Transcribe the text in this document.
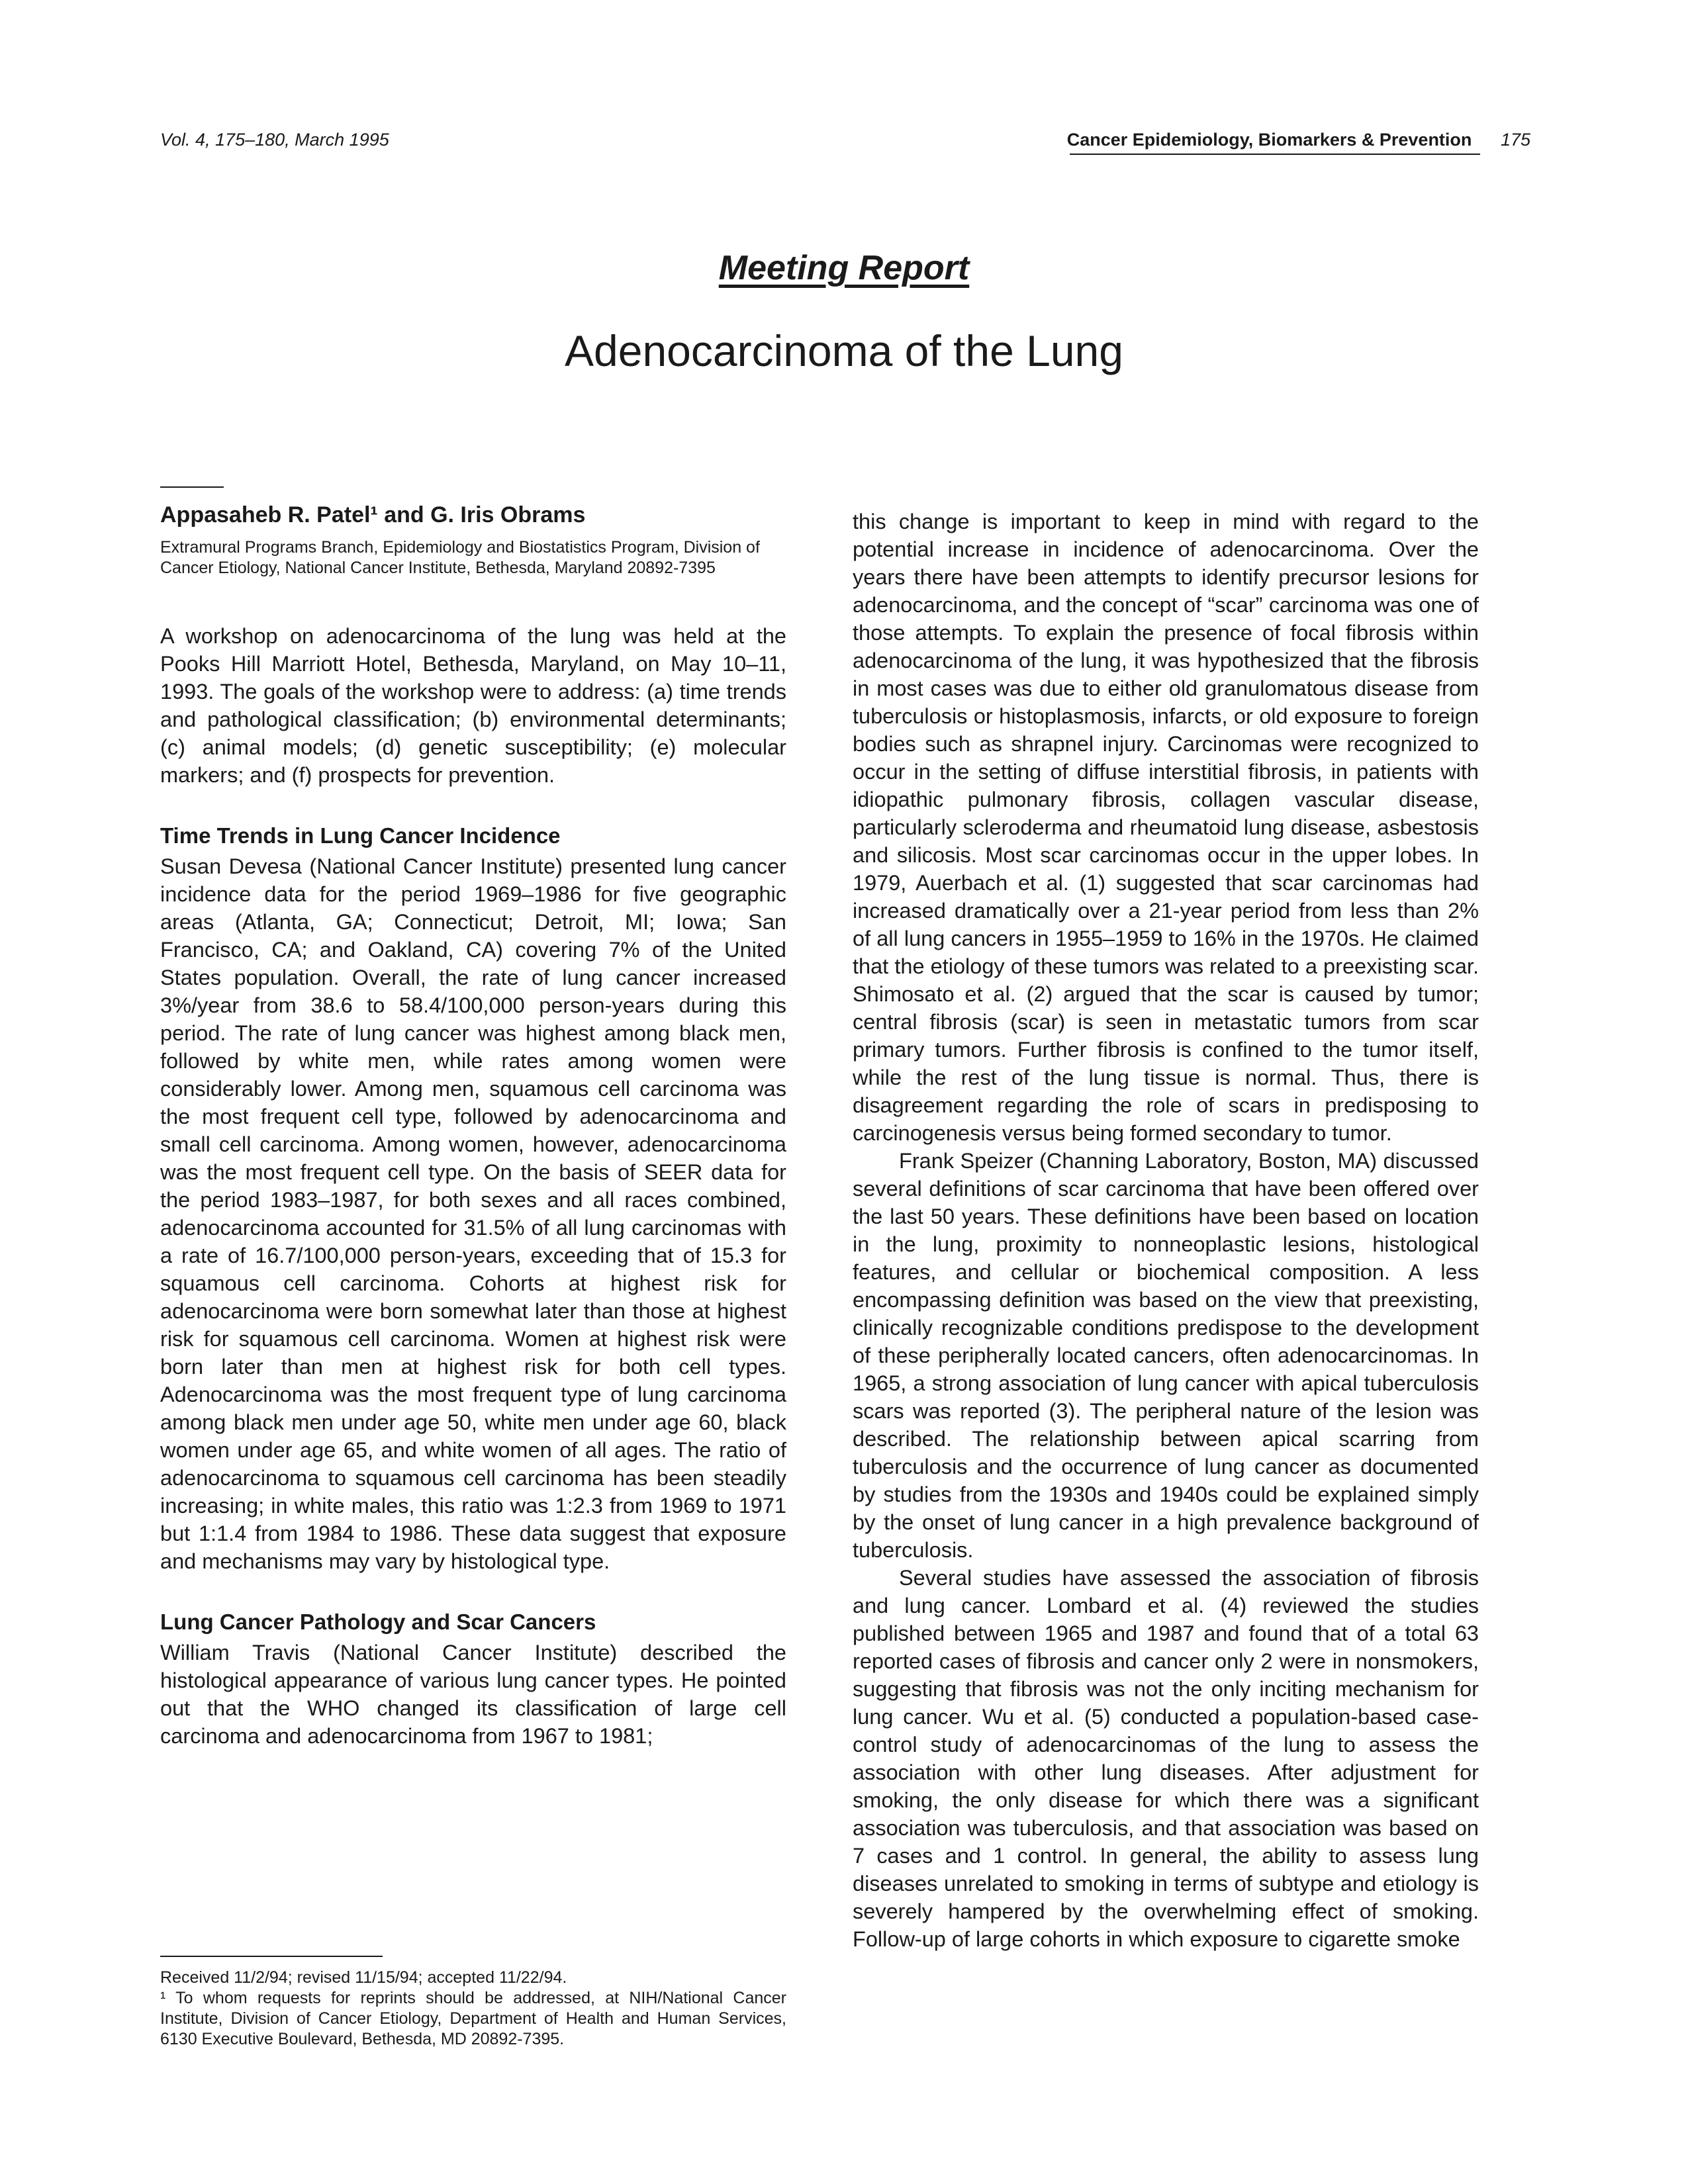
Vol. 4, 175–180, March 1995	Cancer Epidemiology, Biomarkers & Prevention 175
Meeting Report
Adenocarcinoma of the Lung

Appasaheb R. Patel¹ and G. Iris Obrams

Extramural Programs Branch, Epidemiology and Biostatistics Program, Division of Cancer Etiology, National Cancer Institute, Bethesda, Maryland 20892-7395

A workshop on adenocarcinoma of the lung was held at the Pooks Hill Marriott Hotel, Bethesda, Maryland, on May 10–11, 1993. The goals of the workshop were to address: (a) time trends and pathological classification; (b) environmental determinants; (c) animal models; (d) genetic susceptibility; (e) molecular markers; and (f) prospects for prevention.

Time Trends in Lung Cancer Incidence

Susan Devesa (National Cancer Institute) presented lung cancer incidence data for the period 1969–1986 for five geographic areas (Atlanta, GA; Connecticut; Detroit, MI; Iowa; San Francisco, CA; and Oakland, CA) covering 7% of the United States population. Overall, the rate of lung cancer increased 3%/year from 38.6 to 58.4/100,000 person-years during this period. The rate of lung cancer was highest among black men, followed by white men, while rates among women were considerably lower. Among men, squamous cell carcinoma was the most frequent cell type, followed by adenocarcinoma and small cell carcinoma. Among women, however, adenocarcinoma was the most frequent cell type. On the basis of SEER data for the period 1983–1987, for both sexes and all races combined, adenocarcinoma accounted for 31.5% of all lung carcinomas with a rate of 16.7/100,000 person-years, exceeding that of 15.3 for squamous cell carcinoma. Cohorts at highest risk for adenocarcinoma were born somewhat later than those at highest risk for squamous cell carcinoma. Women at highest risk were born later than men at highest risk for both cell types. Adenocarcinoma was the most frequent type of lung carcinoma among black men under age 50, white men under age 60, black women under age 65, and white women of all ages. The ratio of adenocarcinoma to squamous cell carcinoma has been steadily increasing; in white males, this ratio was 1:2.3 from 1969 to 1971 but 1:1.4 from 1984 to 1986. These data suggest that exposure and mechanisms may vary by histological type.

Lung Cancer Pathology and Scar Cancers

William Travis (National Cancer Institute) described the histological appearance of various lung cancer types. He pointed out that the WHO changed its classification of large cell carcinoma and adenocarcinoma from 1967 to 1981;

this change is important to keep in mind with regard to the potential increase in incidence of adenocarcinoma. Over the years there have been attempts to identify precursor lesions for adenocarcinoma, and the concept of “scar” carcinoma was one of those attempts. To explain the presence of focal fibrosis within adenocarcinoma of the lung, it was hypothesized that the fibrosis in most cases was due to either old granulomatous disease from tuberculosis or histoplasmosis, infarcts, or old exposure to foreign bodies such as shrapnel injury. Carcinomas were recognized to occur in the setting of diffuse interstitial fibrosis, in patients with idiopathic pulmonary fibrosis, collagen vascular disease, particularly scleroderma and rheumatoid lung disease, asbestosis and silicosis. Most scar carcinomas occur in the upper lobes. In 1979, Auerbach et al. (1) suggested that scar carcinomas had increased dramatically over a 21-year period from less than 2% of all lung cancers in 1955–1959 to 16% in the 1970s. He claimed that the etiology of these tumors was related to a preexisting scar. Shimosato et al. (2) argued that the scar is caused by tumor; central fibrosis (scar) is seen in metastatic tumors from scar primary tumors. Further fibrosis is confined to the tumor itself, while the rest of the lung tissue is normal. Thus, there is disagreement regarding the role of scars in predisposing to carcinogenesis versus being formed secondary to tumor.

Frank Speizer (Channing Laboratory, Boston, MA) discussed several definitions of scar carcinoma that have been offered over the last 50 years. These definitions have been based on location in the lung, proximity to nonneoplastic lesions, histological features, and cellular or biochemical composition. A less encompassing definition was based on the view that preexisting, clinically recognizable conditions predispose to the development of these peripherally located cancers, often adenocarcinomas. In 1965, a strong association of lung cancer with apical tuberculosis scars was reported (3). The peripheral nature of the lesion was described. The relationship between apical scarring from tuberculosis and the occurrence of lung cancer as documented by studies from the 1930s and 1940s could be explained simply by the onset of lung cancer in a high prevalence background of tuberculosis.

Several studies have assessed the association of fibrosis and lung cancer. Lombard et al. (4) reviewed the studies published between 1965 and 1987 and found that of a total 63 reported cases of fibrosis and cancer only 2 were in nonsmokers, suggesting that fibrosis was not the only inciting mechanism for lung cancer. Wu et al. (5) conducted a population-based case-control study of adenocarcinomas of the lung to assess the association with other lung diseases. After adjustment for smoking, the only disease for which there was a significant association was tuberculosis, and that association was based on 7 cases and 1 control. In general, the ability to assess lung diseases unrelated to smoking in terms of subtype and etiology is severely hampered by the overwhelming effect of smoking. Follow-up of large cohorts in which exposure to cigarette smoke

Received 11/2/94; revised 11/15/94; accepted 11/22/94.

¹ To whom requests for reprints should be addressed, at NIH/National Cancer Institute, Division of Cancer Etiology, Department of Health and Human Services, 6130 Executive Boulevard, Bethesda, MD 20892-7395.
